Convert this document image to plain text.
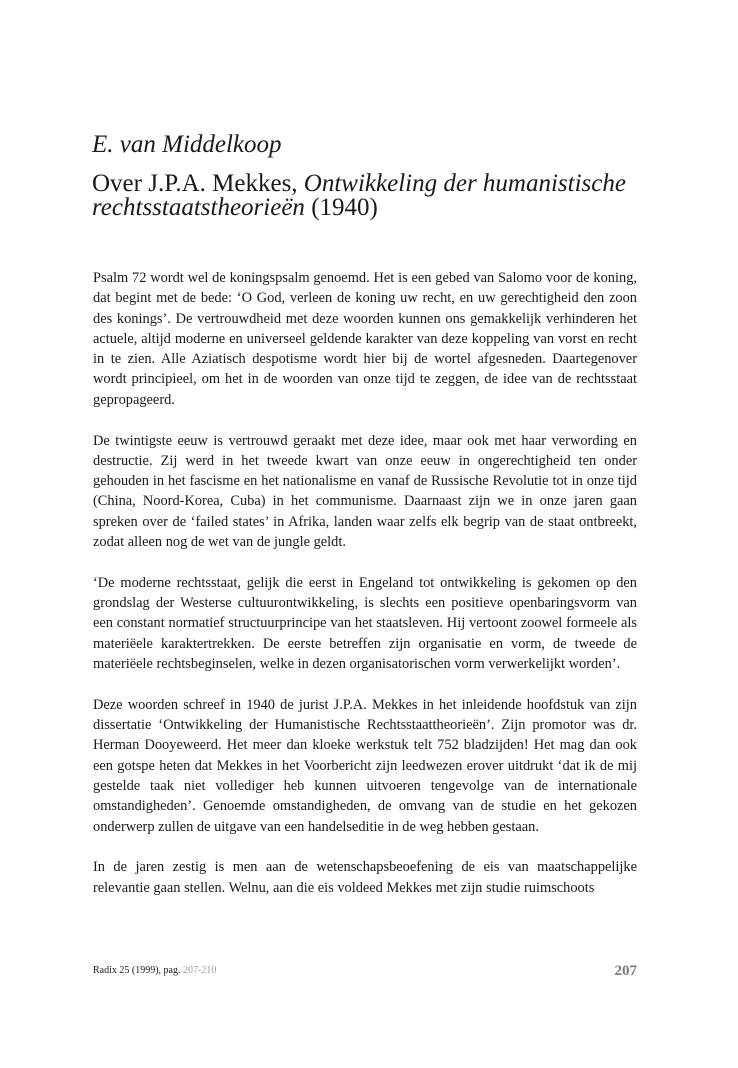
E. van Middelkoop
Over J.P.A. Mekkes, Ontwikkeling der humanistische rechtsstaatstheorieën (1940)

Psalm 72 wordt wel de koningspsalm genoemd. Het is een gebed van Salomo voor de koning, dat begint met de bede: ‘O God, verleen de koning uw recht, en uw gerechtigheid den zoon des konings’. De vertrouwdheid met deze woorden kunnen ons gemakkelijk verhinderen het actuele, altijd moderne en universeel geldende karakter van deze koppeling van vorst en recht in te zien. Alle Aziatisch despotisme wordt hier bij de wortel afgesneden. Daartegenover wordt principieel, om het in de woorden van onze tijd te zeggen, de idee van de rechtsstaat gepropageerd.

De twintigste eeuw is vertrouwd geraakt met deze idee, maar ook met haar verwording en destructie. Zij werd in het tweede kwart van onze eeuw in ongerechtigheid ten onder gehouden in het fascisme en het nationalisme en vanaf de Russische Revolutie tot in onze tijd (China, Noord-Korea, Cuba) in het communisme. Daarnaast zijn we in onze jaren gaan spreken over de ‘failed states’ in Afrika, landen waar zelfs elk begrip van de staat ontbreekt, zodat alleen nog de wet van de jungle geldt.

‘De moderne rechtsstaat, gelijk die eerst in Engeland tot ontwikkeling is gekomen op den grondslag der Westerse cultuurontwikkeling, is slechts een positieve openbaringsvorm van een constant normatief structuurprincipe van het staatsleven. Hij vertoont zoowel formeele als materiëele karaktertrekken. De eerste betreffen zijn organisatie en vorm, de tweede de materiëele rechtsbeginselen, welke in dezen organisatorischen vorm verwerkelijkt worden’.

Deze woorden schreef in 1940 de jurist J.P.A. Mekkes in het inleidende hoofdstuk van zijn dissertatie ‘Ontwikkeling der Humanistische Rechtsstaattheorieën’. Zijn promotor was dr. Herman Dooyeweerd. Het meer dan kloeke werkstuk telt 752 bladzijden! Het mag dan ook een gotspe heten dat Mekkes in het Voorbericht zijn leedwezen erover uitdrukt ‘dat ik de mij gestelde taak niet vollediger heb kunnen uitvoeren tengevolge van de internationale omstandigheden’. Genoemde omstandigheden, de omvang van de studie en het gekozen onderwerp zullen de uitgave van een handelseditie in de weg hebben gestaan.

In de jaren zestig is men aan de wetenschapsbeoefening de eis van maatschappelijke relevantie gaan stellen. Welnu, aan die eis voldeed Mekkes met zijn studie ruimschoots

Radix 25 (1999), pag. 207-210	207
